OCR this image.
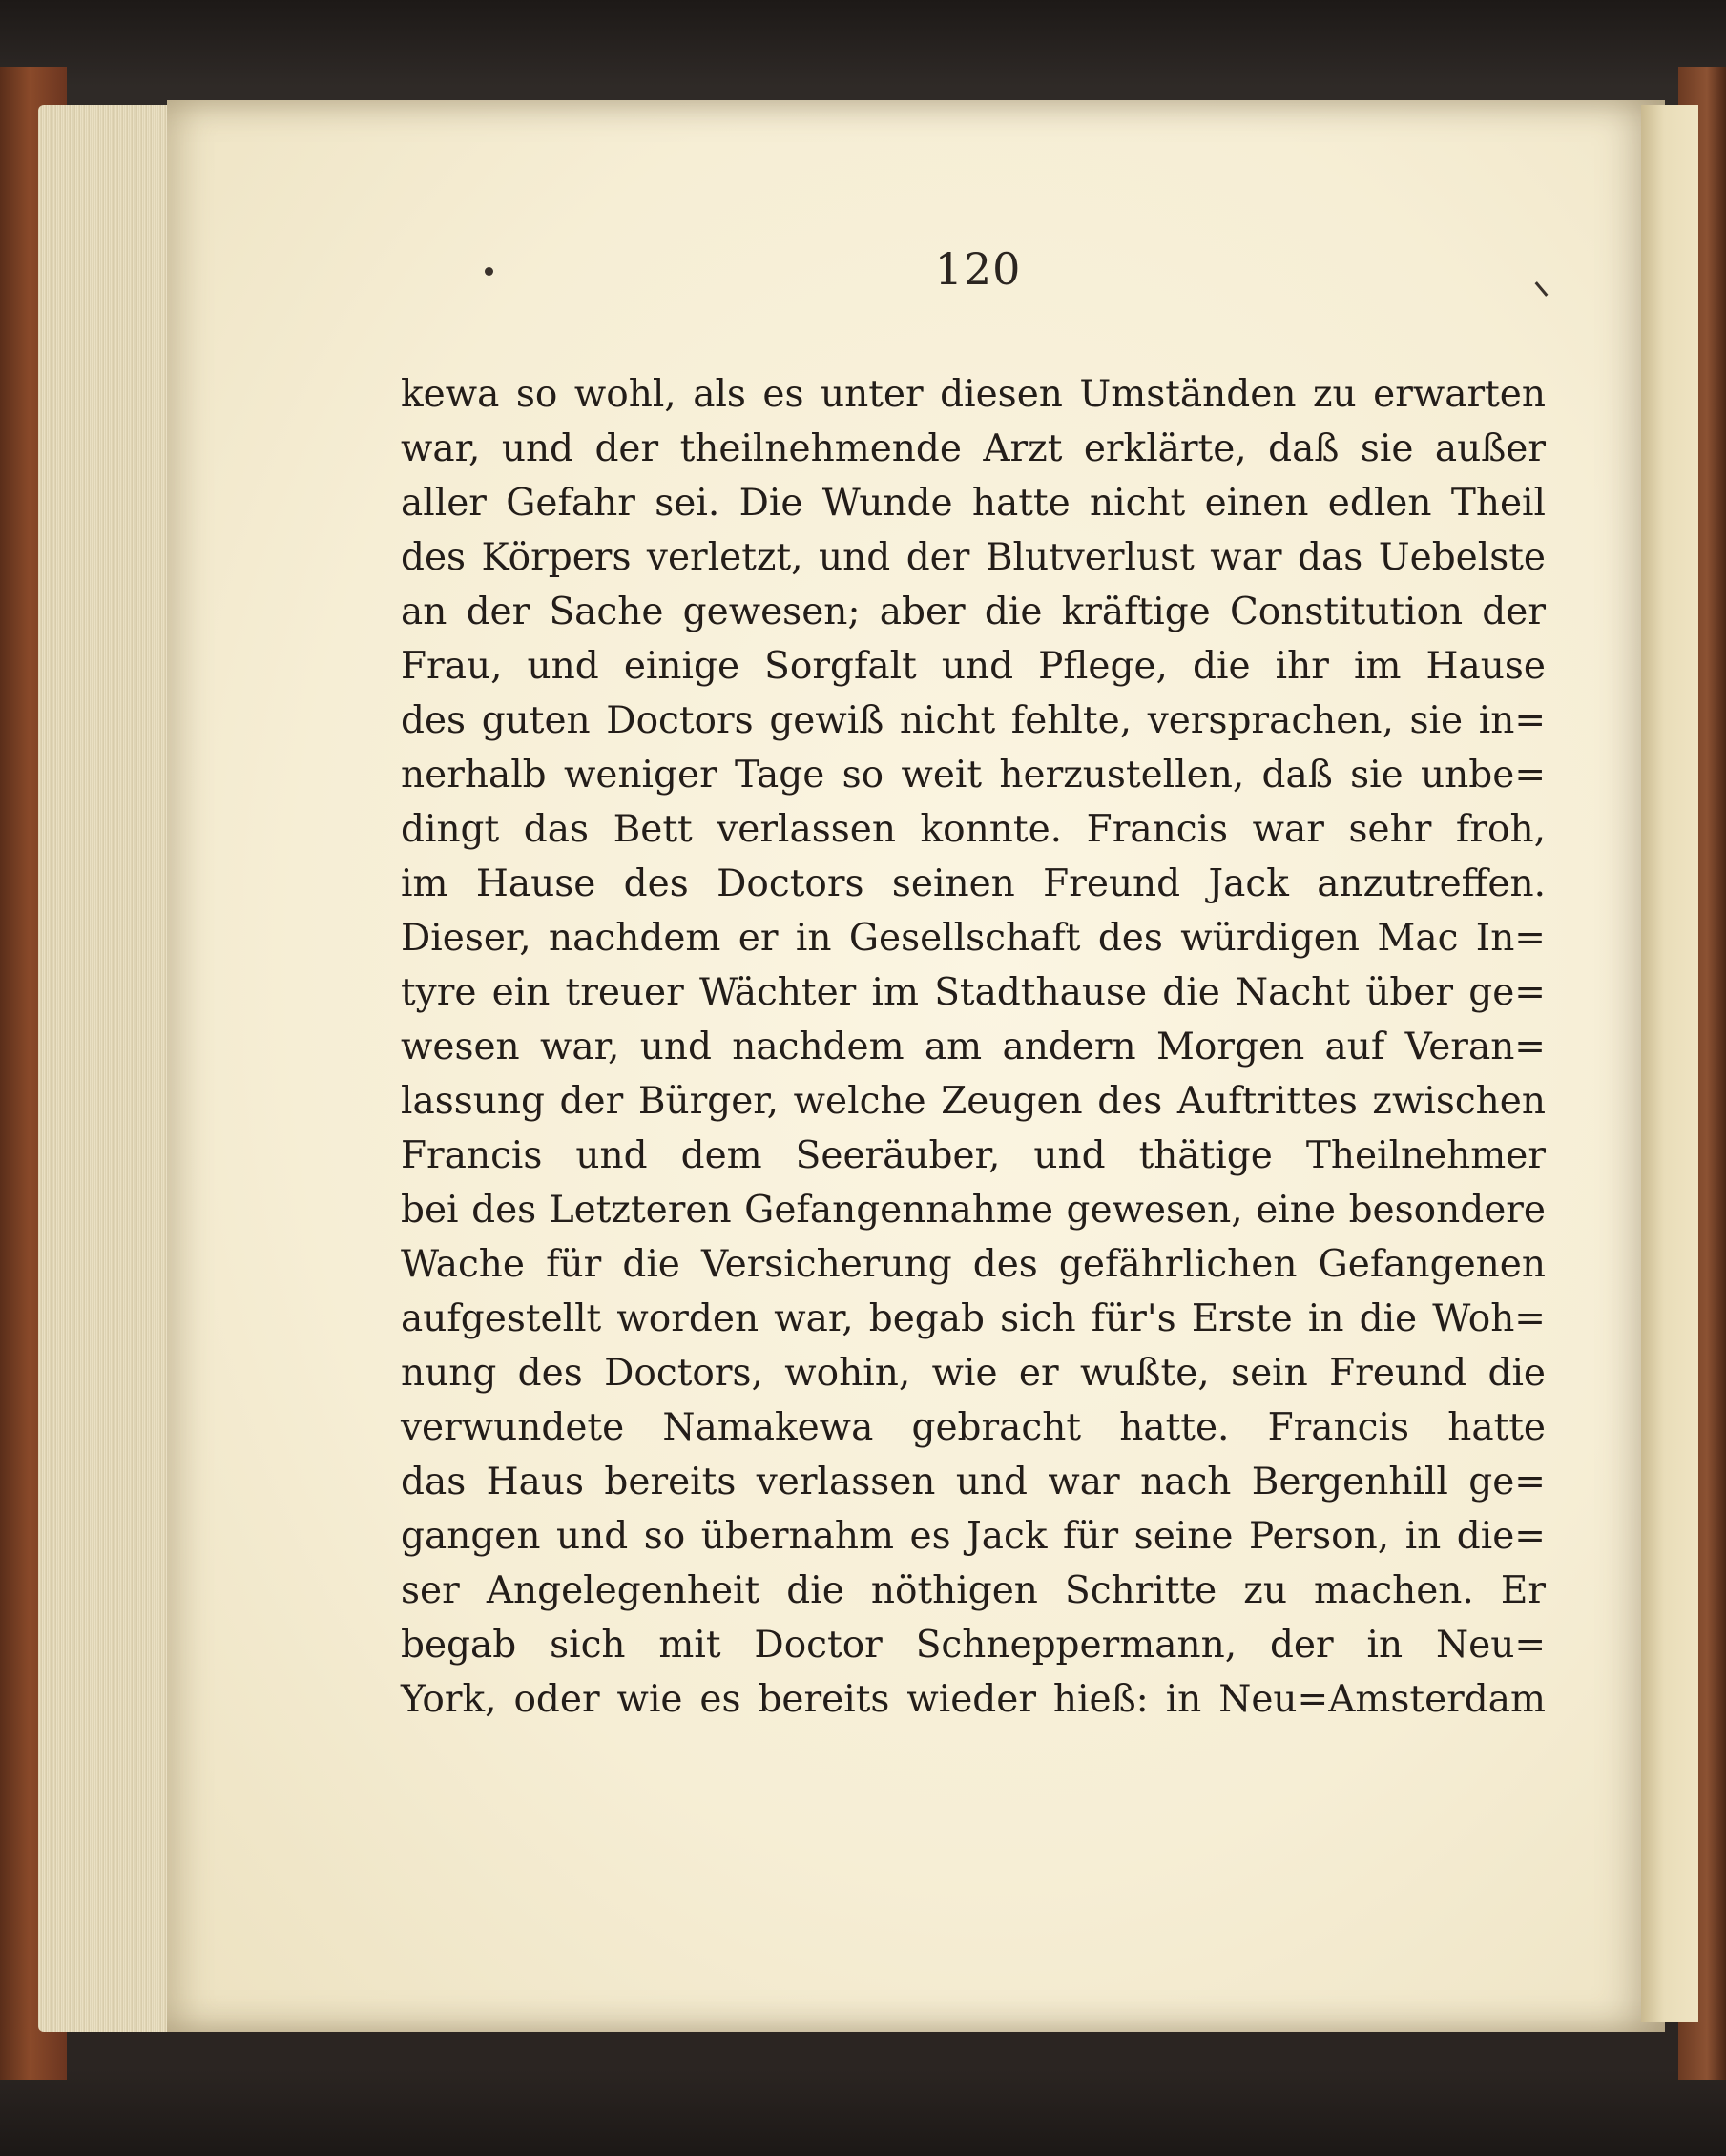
120
kewa so wohl, als es unter diesen Umständen zu erwarten
war, und der theilnehmende Arzt erklärte, daß sie außer
aller Gefahr sei. Die Wunde hatte nicht einen edlen Theil
des Körpers verletzt, und der Blutverlust war das Uebelste
an der Sache gewesen; aber die kräftige Constitution der
Frau, und einige Sorgfalt und Pflege, die ihr im Hause
des guten Doctors gewiß nicht fehlte, versprachen, sie in=
nerhalb weniger Tage so weit herzustellen, daß sie unbe=
dingt das Bett verlassen konnte. Francis war sehr froh,
im Hause des Doctors seinen Freund Jack anzutreffen.
Dieser, nachdem er in Gesellschaft des würdigen Mac In=
tyre ein treuer Wächter im Stadthause die Nacht über ge=
wesen war, und nachdem am andern Morgen auf Veran=
lassung der Bürger, welche Zeugen des Auftrittes zwischen
Francis und dem Seeräuber, und thätige Theilnehmer
bei des Letzteren Gefangennahme gewesen, eine besondere
Wache für die Versicherung des gefährlichen Gefangenen
aufgestellt worden war, begab sich für's Erste in die Woh=
nung des Doctors, wohin, wie er wußte, sein Freund die
verwundete Namakewa gebracht hatte. Francis hatte
das Haus bereits verlassen und war nach Bergenhill ge=
gangen und so übernahm es Jack für seine Person, in die=
ser Angelegenheit die nöthigen Schritte zu machen. Er
begab sich mit Doctor Schneppermann, der in Neu=
York, oder wie es bereits wieder hieß: in Neu=Amsterdam
